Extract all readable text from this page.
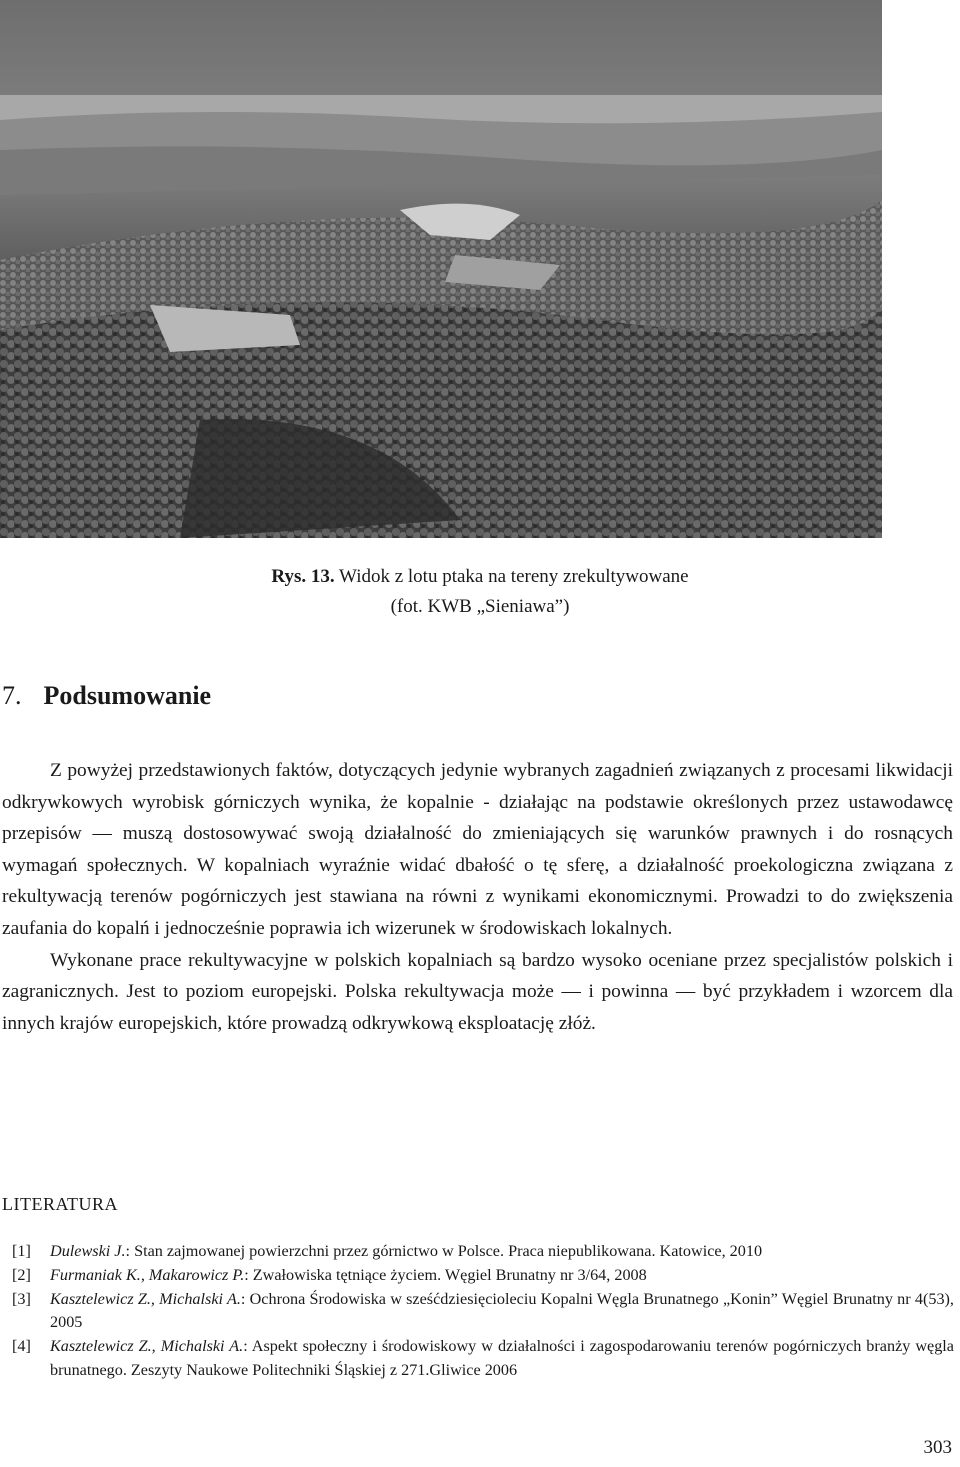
Rys. 13. Widok z lotu ptaka na tereny zrekultywowane
(fot. KWB „Sieniawa”)
7. Podsumowanie

Z powyżej przedstawionych faktów, dotyczących jedynie wybranych zagadnień związanych z procesami likwidacji odkrywkowych wyrobisk górniczych wynika, że kopalnie - działając na podstawie określonych przez ustawodawcę przepisów — muszą dostosowywać swoją działalność do zmieniających się warunków prawnych i do rosnących wymagań społecznych. W kopalniach wyraźnie widać dbałość o tę sferę, a działalność proekologiczna związana z rekultywacją terenów pogórniczych jest stawiana na równi z wynikami ekonomicznymi. Prowadzi to do zwiększenia zaufania do kopalń i jednocześnie poprawia ich wizerunek w środowiskach lokalnych.

Wykonane prace rekultywacyjne w polskich kopalniach są bardzo wysoko oceniane przez specjalistów polskich i zagranicznych. Jest to poziom europejski. Polska rekultywacja może — i powinna — być przykładem i wzorcem dla innych krajów europejskich, które prowadzą odkrywkową eksploatację złóż.

LITERATURA
[1]	Dulewski J.: Stan zajmowanej powierzchni przez górnictwo w Polsce. Praca niepublikowana. Katowice, 2010
[2]	Furmaniak K., Makarowicz P.: Zwałowiska tętniące życiem. Węgiel Brunatny nr 3/64, 2008
[3]	Kasztelewicz Z., Michalski A.: Ochrona Środowiska w sześćdziesięcioleciu Kopalni Węgla Brunatnego „Konin” Węgiel Brunatny nr 4(53), 2005
[4]	Kasztelewicz Z., Michalski A.: Aspekt społeczny i środowiskowy w działalności i zagospodarowaniu terenów pogórniczych branży węgla brunatnego. Zeszyty Naukowe Politechniki Śląskiej z 271.Gliwice 2006
303
